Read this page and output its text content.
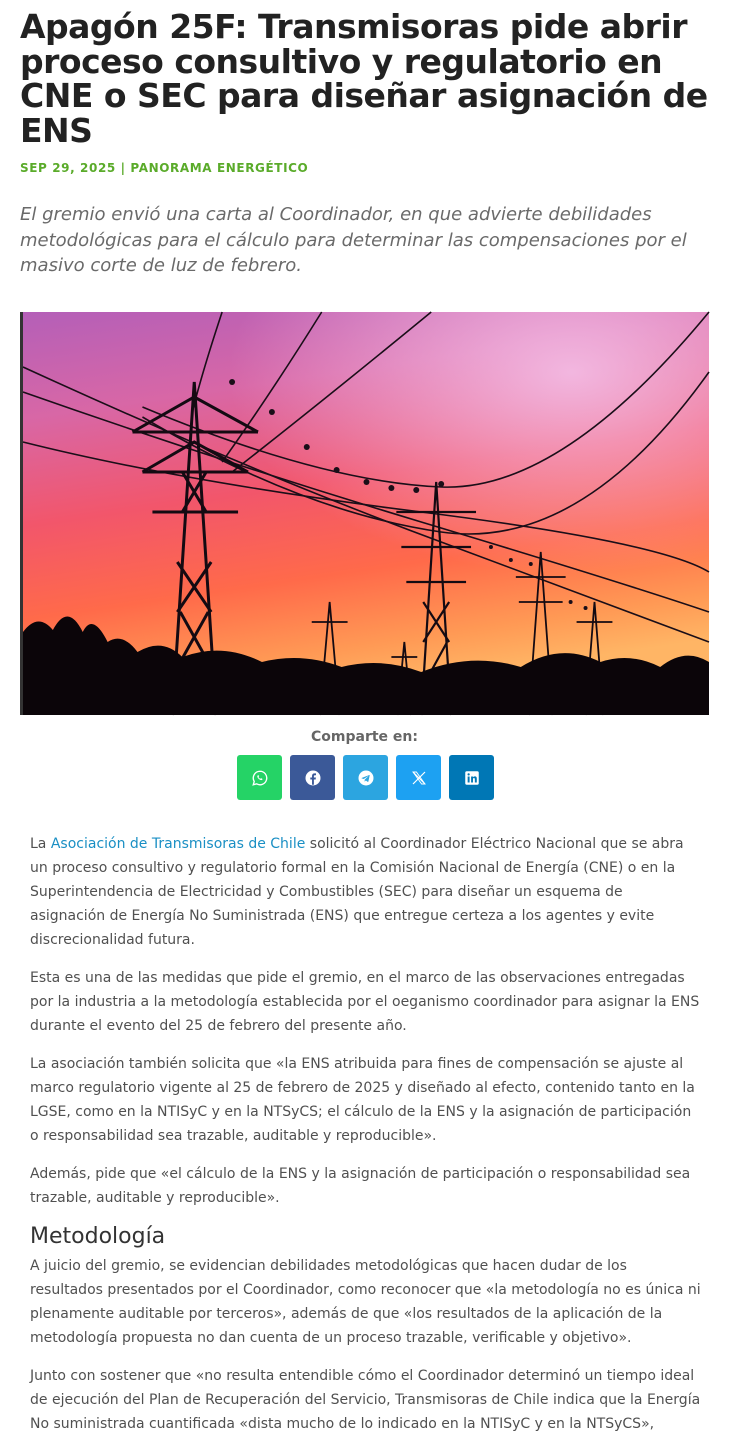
Apagón 25F: Transmisoras pide abrir proceso consultivo y regulatorio en CNE o SEC para diseñar asignación de ENS
SEP 29, 2025 | PANORAMA ENERGÉTICO

El gremio envió una carta al Coordinador, en que advierte debilidades metodológicas para el cálculo para determinar las compensaciones por el masivo corte de luz de febrero.

Comparte en:

La Asociación de Transmisoras de Chile solicitó al Coordinador Eléctrico Nacional que se abra un proceso consultivo y regulatorio formal en la Comisión Nacional de Energía (CNE) o en la Superintendencia de Electricidad y Combustibles (SEC) para diseñar un esquema de asignación de Energía No Suministrada (ENS) que entregue certeza a los agentes y evite discrecionalidad futura.

Esta es una de las medidas que pide el gremio, en el marco de las observaciones entregadas por la industria a la metodología establecida por el oeganismo coordinador para asignar la ENS durante el evento del 25 de febrero del presente año.

La asociación también solicita que «la ENS atribuida para fines de compensación se ajuste al marco regulatorio vigente al 25 de febrero de 2025 y diseñado al efecto, contenido tanto en la LGSE, como en la NTISyC y en la NTSyCS; el cálculo de la ENS y la asignación de participación o responsabilidad sea trazable, auditable y reproducible».

Además, pide que «el cálculo de la ENS y la asignación de participación o responsabilidad sea trazable, auditable y reproducible».

Metodología

A juicio del gremio, se evidencian debilidades metodológicas que hacen dudar de los resultados presentados por el Coordinador, como reconocer que «la metodología no es única ni plenamente auditable por terceros», además de que «los resultados de la aplicación de la metodología propuesta no dan cuenta de un proceso trazable, verificable y objetivo».

Junto con sostener que «no resulta entendible cómo el Coordinador determinó un tiempo ideal de ejecución del Plan de Recuperación del Servicio, Transmisoras de Chile indica que la Energía No suministrada cuantificada «dista mucho de lo indicado en la NTISyC y en la NTSyCS»,
